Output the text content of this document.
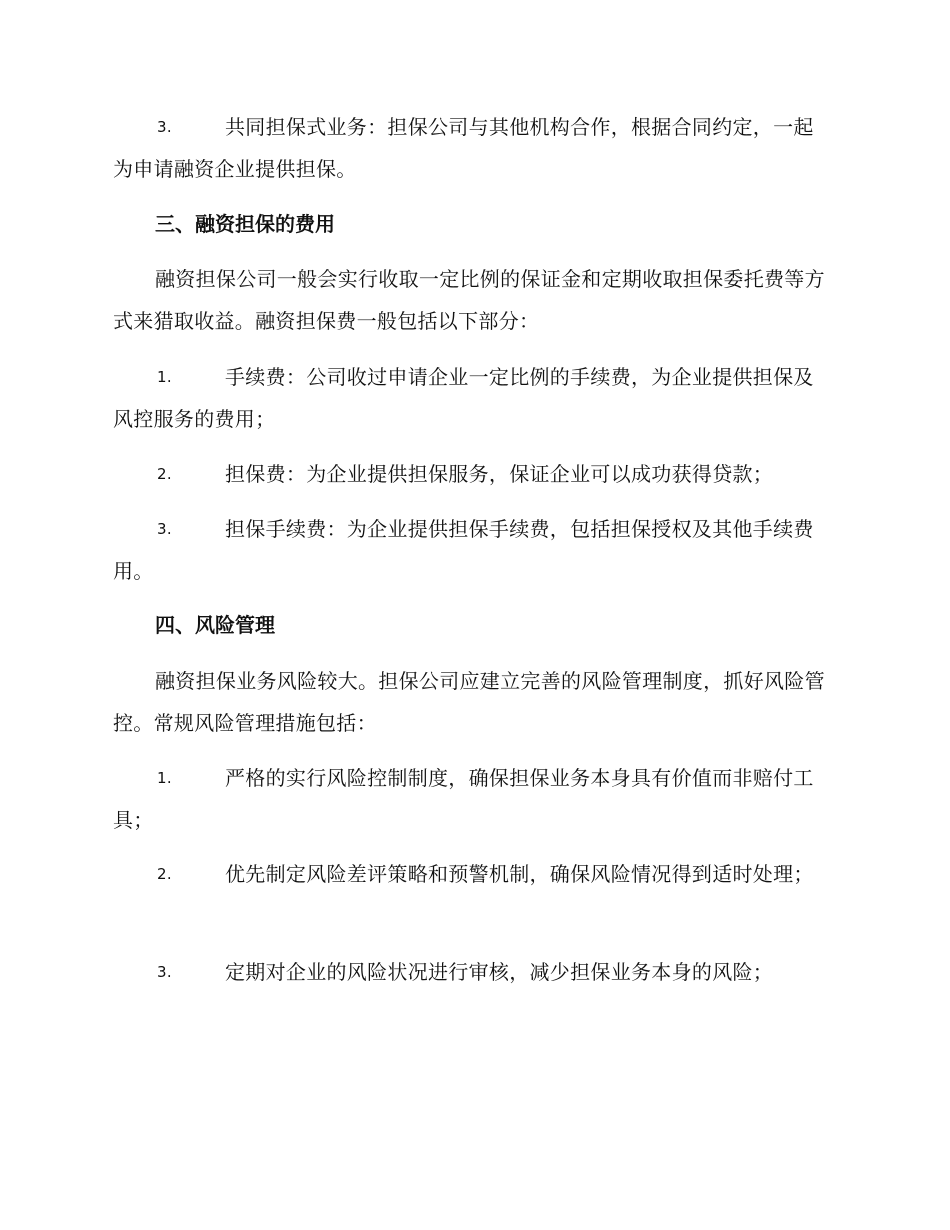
3.	共同担保式业务：担保公司与其他机构合作，根据合同约定，一起为申请融资企业提供担保。
三、融资担保的费用
融资担保公司一般会实行收取一定比例的保证金和定期收取担保委托费等方式来猎取收益。融资担保费一般包括以下部分：
1.	手续费：公司收过申请企业一定比例的手续费，为企业提供担保及风控服务的费用；
2.	担保费：为企业提供担保服务，保证企业可以成功获得贷款；
3.	担保手续费：为企业提供担保手续费，包括担保授权及其他手续费用。
四、风险管理
融资担保业务风险较大。担保公司应建立完善的风险管理制度，抓好风险管控。常规风险管理措施包括：
1.	严格的实行风险控制制度，确保担保业务本身具有价值而非赔付工具；
2.	优先制定风险差评策略和预警机制，确保风险情况得到适时处理；
3.	定期对企业的风险状况进行审核，减少担保业务本身的风险；
